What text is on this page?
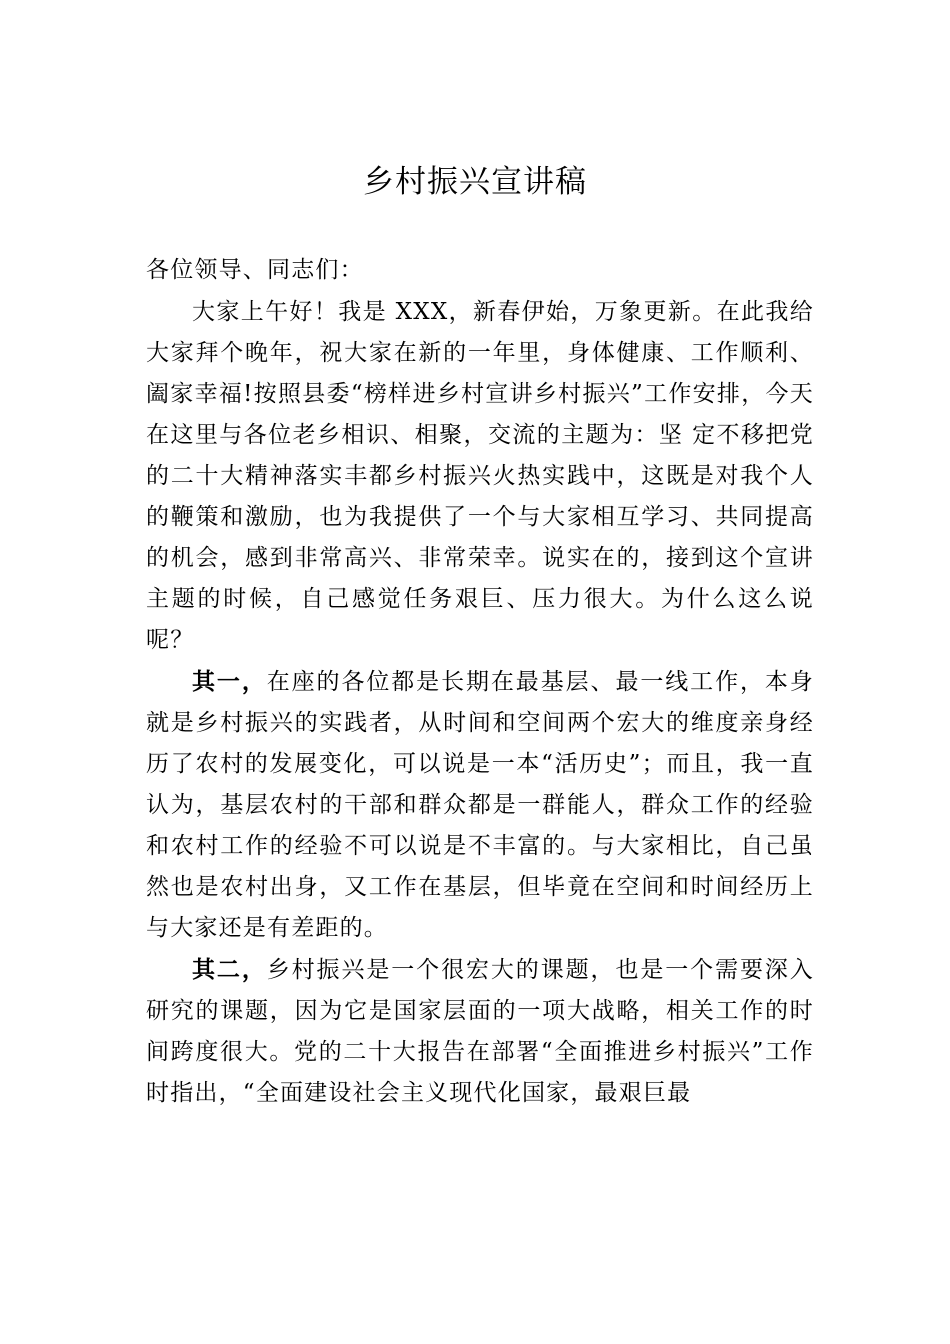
乡村振兴宣讲稿

各位领导、同志们：

大家上午好！我是 XXX，新春伊始，万象更新。在此我给大家拜个晚年，祝大家在新的一年里，身体健康、工作顺利、阖家幸福!按照县委“榜样进乡村宣讲乡村振兴”工作安排，今天在这里与各位老乡相识、相聚，交流的主题为：坚 定不移把党的二十大精神落实丰都乡村振兴火热实践中，这既是对我个人的鞭策和激励，也为我提供了一个与大家相互学习、共同提高的机会，感到非常高兴、非常荣幸。说实在的，接到这个宣讲主题的时候，自己感觉任务艰巨、压力很大。为什么这么说呢？

其一，在座的各位都是长期在最基层、最一线工作，本身就是乡村振兴的实践者，从时间和空间两个宏大的维度亲身经历了农村的发展变化，可以说是一本“活历史”；而且，我一直认为，基层农村的干部和群众都是一群能人，群众工作的经验和农村工作的经验不可以说是不丰富的。与大家相比，自己虽然也是农村出身，又工作在基层，但毕竟在空间和时间经历上与大家还是有差距的。

其二，乡村振兴是一个很宏大的课题，也是一个需要深入研究的课题，因为它是国家层面的一项大战略，相关工作的时间跨度很大。党的二十大报告在部署“全面推进乡村振兴”工作时指出，“全面建设社会主义现代化国家，最艰巨最
